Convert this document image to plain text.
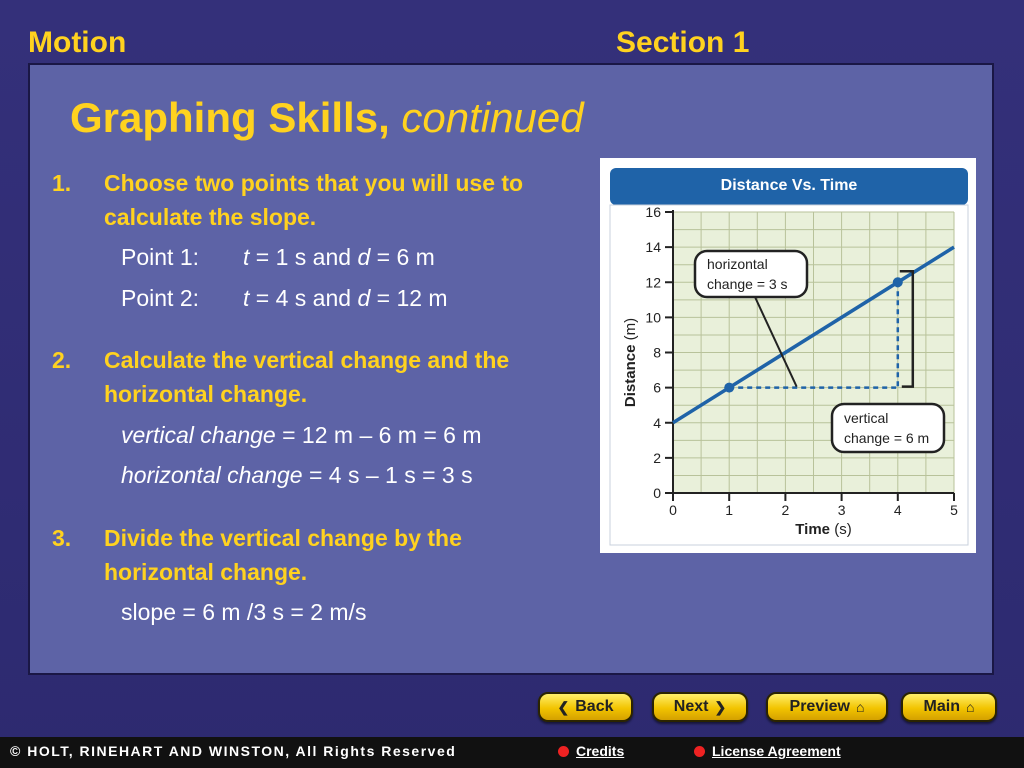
Motion	Section 1
Graphing Skills, continued
1. Choose two points that you will use to calculate the slope.
Point 1: t = 1 s and d = 6 m
Point 2: t = 4 s and d = 12 m
2. Calculate the vertical change and the horizontal change.
vertical change = 12 m – 6 m = 6 m
horizontal change = 4 s – 1 s = 3 s
3. Divide the vertical change by the horizontal change.
slope = 6 m /3 s = 2 m/s
Distance Vs. Time
0	1	2	3	4	5
0
2
4
6
8
10
12
14
16
Time (s)
Distance (m)
horizontal
change = 3 s
vertical
change = 6 m
❮ Back	Next ❯	Preview ⌂	Main ⌂
© HOLT, RINEHART AND WINSTON, All Rights Reserved	Credits	License Agreement
